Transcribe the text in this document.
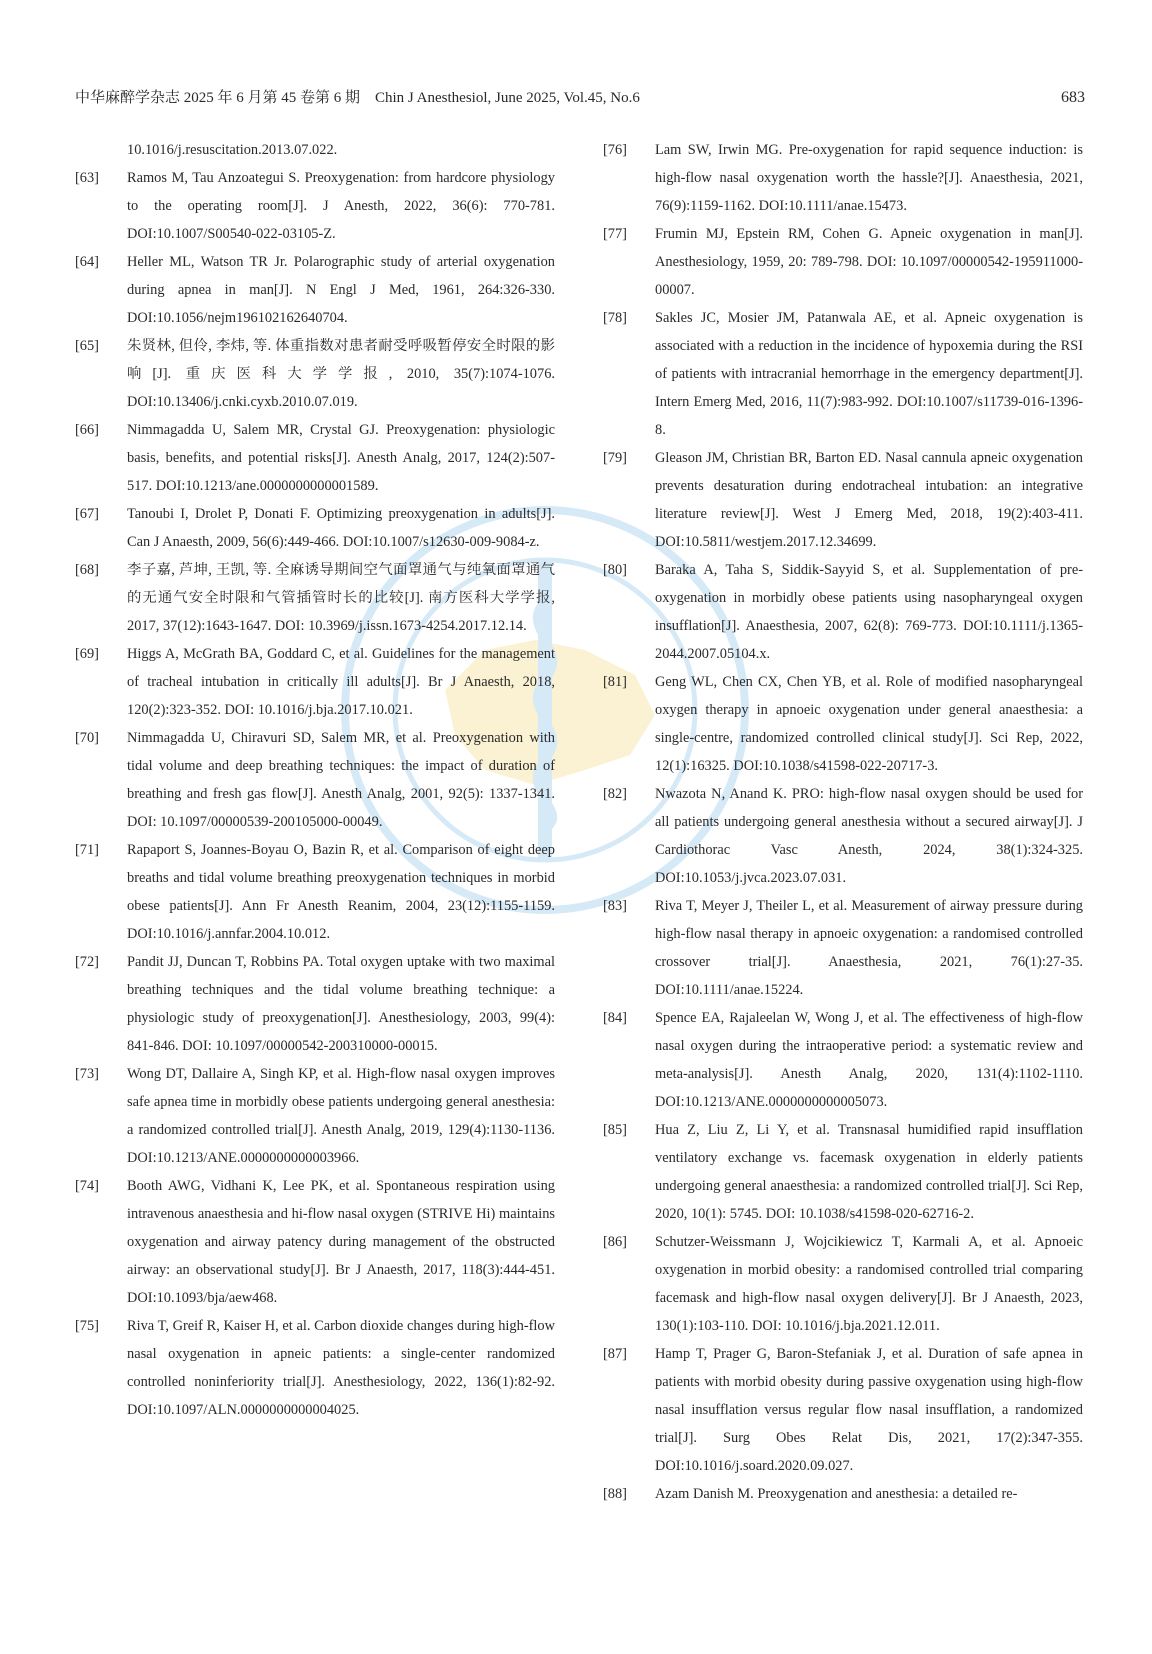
中华麻醉学杂志 2025 年 6 月第 45 卷第 6 期　Chin J Anesthesiol, June 2025, Vol.45, No.6	683
10.1016/j.resuscitation.2013.07.022.
[63]	Ramos M, Tau Anzoategui S. Preoxygenation: from hardcore physiology to the operating room[J]. J Anesth, 2022, 36(6): 770-781. DOI:10.1007/S00540-022-03105-Z.
[64]	Heller ML, Watson TR Jr. Polarographic study of arterial oxygenation during apnea in man[J]. N Engl J Med, 1961, 264:326-330. DOI:10.1056/nejm196102162640704.
[65]	朱贤林, 但伶, 李炜, 等. 体重指数对患者耐受呼吸暂停安全时限的影响[J]. 重庆医科大学学报, 2010, 35(7):1074-1076. DOI:10.13406/j.cnki.cyxb.2010.07.019.
[66]	Nimmagadda U, Salem MR, Crystal GJ. Preoxygenation: physiologic basis, benefits, and potential risks[J]. Anesth Analg, 2017, 124(2):507-517. DOI:10.1213/ane.0000000000001589.
[67]	Tanoubi I, Drolet P, Donati F. Optimizing preoxygenation in adults[J]. Can J Anaesth, 2009, 56(6):449-466. DOI:10.1007/s12630-009-9084-z.
[68]	李子嘉, 芦坤, 王凯, 等. 全麻诱导期间空气面罩通气与纯氧面罩通气的无通气安全时限和气管插管时长的比较[J]. 南方医科大学学报, 2017, 37(12):1643-1647. DOI: 10.3969/j.issn.1673-4254.2017.12.14.
[69]	Higgs A, McGrath BA, Goddard C, et al. Guidelines for the management of tracheal intubation in critically ill adults[J]. Br J Anaesth, 2018, 120(2):323-352. DOI: 10.1016/j.bja.2017.10.021.
[70]	Nimmagadda U, Chiravuri SD, Salem MR, et al. Preoxygenation with tidal volume and deep breathing techniques: the impact of duration of breathing and fresh gas flow[J]. Anesth Analg, 2001, 92(5): 1337-1341. DOI: 10.1097/00000539-200105000-00049.
[71]	Rapaport S, Joannes-Boyau O, Bazin R, et al. Comparison of eight deep breaths and tidal volume breathing preoxygenation techniques in morbid obese patients[J]. Ann Fr Anesth Reanim, 2004, 23(12):1155-1159. DOI:10.1016/j.annfar.2004.10.012.
[72]	Pandit JJ, Duncan T, Robbins PA. Total oxygen uptake with two maximal breathing techniques and the tidal volume breathing technique: a physiologic study of preoxygenation[J]. Anesthesiology, 2003, 99(4): 841-846. DOI: 10.1097/00000542-200310000-00015.
[73]	Wong DT, Dallaire A, Singh KP, et al. High-flow nasal oxygen improves safe apnea time in morbidly obese patients undergoing general anesthesia: a randomized controlled trial[J]. Anesth Analg, 2019, 129(4):1130-1136. DOI:10.1213/ANE.0000000000003966.
[74]	Booth AWG, Vidhani K, Lee PK, et al. Spontaneous respiration using intravenous anaesthesia and hi-flow nasal oxygen (STRIVE Hi) maintains oxygenation and airway patency during management of the obstructed airway: an observational study[J]. Br J Anaesth, 2017, 118(3):444-451. DOI:10.1093/bja/aew468.
[75]	Riva T, Greif R, Kaiser H, et al. Carbon dioxide changes during high-flow nasal oxygenation in apneic patients: a single-center randomized controlled noninferiority trial[J]. Anesthesiology, 2022, 136(1):82-92. DOI:10.1097/ALN.0000000000004025.
[76]	Lam SW, Irwin MG. Pre-oxygenation for rapid sequence induction: is high-flow nasal oxygenation worth the hassle?[J]. Anaesthesia, 2021, 76(9):1159-1162. DOI:10.1111/anae.15473.
[77]	Frumin MJ, Epstein RM, Cohen G. Apneic oxygenation in man[J]. Anesthesiology, 1959, 20: 789-798. DOI: 10.1097/00000542-195911000-00007.
[78]	Sakles JC, Mosier JM, Patanwala AE, et al. Apneic oxygenation is associated with a reduction in the incidence of hypoxemia during the RSI of patients with intracranial hemorrhage in the emergency department[J]. Intern Emerg Med, 2016, 11(7):983-992. DOI:10.1007/s11739-016-1396-8.
[79]	Gleason JM, Christian BR, Barton ED. Nasal cannula apneic oxygenation prevents desaturation during endotracheal intubation: an integrative literature review[J]. West J Emerg Med, 2018, 19(2):403-411. DOI:10.5811/westjem.2017.12.34699.
[80]	Baraka A, Taha S, Siddik-Sayyid S, et al. Supplementation of pre-oxygenation in morbidly obese patients using nasopharyngeal oxygen insufflation[J]. Anaesthesia, 2007, 62(8): 769-773. DOI:10.1111/j.1365-2044.2007.05104.x.
[81]	Geng WL, Chen CX, Chen YB, et al. Role of modified nasopharyngeal oxygen therapy in apnoeic oxygenation under general anaesthesia: a single-centre, randomized controlled clinical study[J]. Sci Rep, 2022, 12(1):16325. DOI:10.1038/s41598-022-20717-3.
[82]	Nwazota N, Anand K. PRO: high-flow nasal oxygen should be used for all patients undergoing general anesthesia without a secured airway[J]. J Cardiothorac Vasc Anesth, 2024, 38(1):324-325. DOI:10.1053/j.jvca.2023.07.031.
[83]	Riva T, Meyer J, Theiler L, et al. Measurement of airway pressure during high-flow nasal therapy in apnoeic oxygenation: a randomised controlled crossover trial[J]. Anaesthesia, 2021, 76(1):27-35. DOI:10.1111/anae.15224.
[84]	Spence EA, Rajaleelan W, Wong J, et al. The effectiveness of high-flow nasal oxygen during the intraoperative period: a systematic review and meta-analysis[J]. Anesth Analg, 2020, 131(4):1102-1110. DOI:10.1213/ANE.0000000000005073.
[85]	Hua Z, Liu Z, Li Y, et al. Transnasal humidified rapid insufflation ventilatory exchange vs. facemask oxygenation in elderly patients undergoing general anaesthesia: a randomized controlled trial[J]. Sci Rep, 2020, 10(1): 5745. DOI: 10.1038/s41598-020-62716-2.
[86]	Schutzer-Weissmann J, Wojcikiewicz T, Karmali A, et al. Apnoeic oxygenation in morbid obesity: a randomised controlled trial comparing facemask and high-flow nasal oxygen delivery[J]. Br J Anaesth, 2023, 130(1):103-110. DOI: 10.1016/j.bja.2021.12.011.
[87]	Hamp T, Prager G, Baron-Stefaniak J, et al. Duration of safe apnea in patients with morbid obesity during passive oxygenation using high-flow nasal insufflation versus regular flow nasal insufflation, a randomized trial[J]. Surg Obes Relat Dis, 2021, 17(2):347-355. DOI:10.1016/j.soard.2020.09.027.
[88]	Azam Danish M. Preoxygenation and anesthesia: a detailed re-
